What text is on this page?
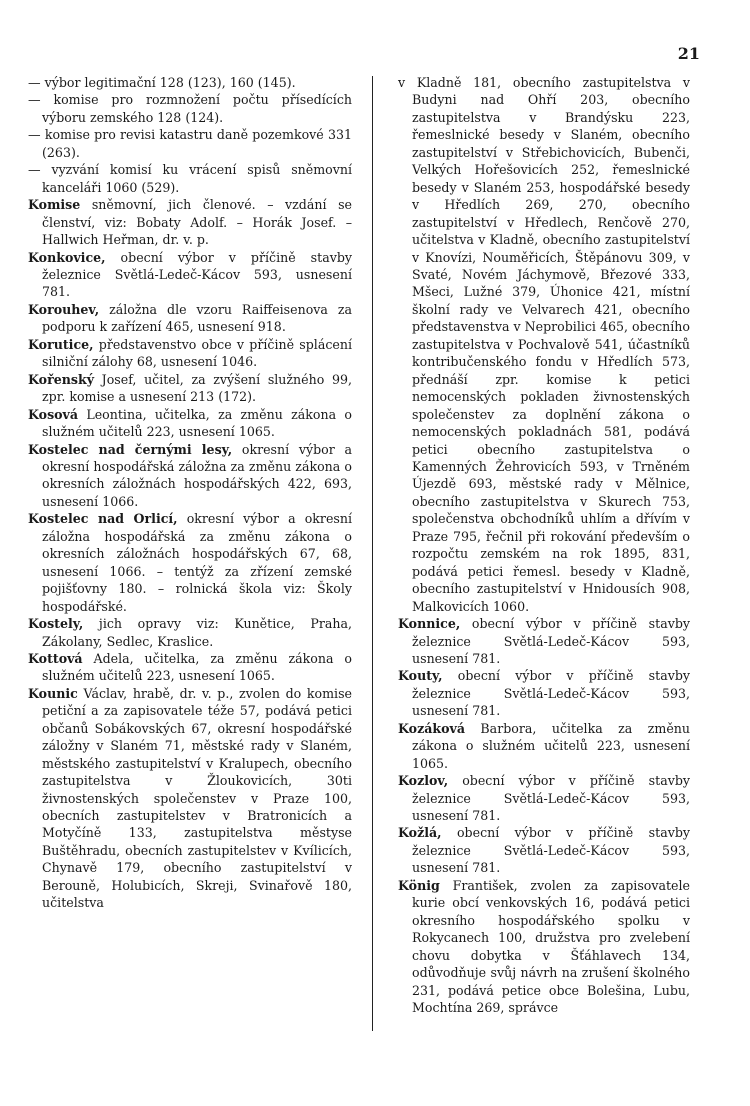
21

— výbor legitimační 128 (123), 160 (145).

— komise pro rozmnožení počtu přísedících výboru zemského 128 (124).

— komise pro revisi katastru daně pozemkové 331 (263).

— vyzvání komisí ku vrácení spisů sněmovní kanceláři 1060 (529).

Komise sněmovní, jich členové. – vzdání se členství, viz: Bobaty Adolf. – Horák Josef. – Hallwich Heřman, dr. v. p.

Konkovice, obecní výbor v příčině stavby železnice Světlá-Ledeč-Kácov 593, usnesení 781.

Korouhev, záložna dle vzoru Raiffeisenova za podporu k zařízení 465, usnesení 918.

Korutice, představenstvo obce v příčině splácení silniční zálohy 68, usnesení 1046.

Kořenský Josef, učitel, za zvýšení služného 99, zpr. komise a usnesení 213 (172).

Kosová Leontina, učitelka, za změnu zákona o služném učitelů 223, usnesení 1065.

Kostelec nad černými lesy, okresní výbor a okresní hospodářská záložna za změnu zákona o okresních záložnách hospodářských 422, 693, usnesení 1066.

Kostelec nad Orlicí, okresní výbor a okresní záložna hospodářská za změnu zákona o okresních záložnách hospodářských 67, 68, usnesení 1066. – tentýž za zřízení zemské pojišťovny 180. – rolnická škola viz: Školy hospodářské.

Kostely, jich opravy viz: Kunětice, Praha, Zákolany, Sedlec, Kraslice.

Kottová Adela, učitelka, za změnu zákona o služném učitelů 223, usnesení 1065.

Kounic Václav, hrabě, dr. v. p., zvolen do komise petiční a za zapisovatele téže 57, podává petici občanů Sobákovských 67, okresní hospodářské záložny v Slaném 71, městské rady v Slaném, městského zastupitelství v Kralupech, obecního zastupitelstva v Žloukovicích, 30ti živnostenských společenstev v Praze 100, obecních zastupitelstev v Bratronicích a Motyčíně 133, zastupitelstva městyse Buštěhradu, obecních zastupitelstev v Kvílicích, Chynavě 179, obecního zastupitelství v Berouně, Holubicích, Skreji, Svinařově 180, učitelstva

v Kladně 181, obecního zastupitelstva v Budyni nad Ohří 203, obecního zastupitelstva v Brandýsku 223, řemeslnické besedy v Slaném, obecního zastupitelství v Střebichovicích, Bubenči, Velkých Hořešovicích 252, řemeslnické besedy v Slaném 253, hospodářské besedy v Hředlích 269, 270, obecního zastupitelství v Hředlech, Renčově 270, učitelstva v Kladně, obecního zastupitelství v Knovízi, Nouměřicích, Štěpánovu 309, v Svaté, Novém Jáchymově, Březové 333, Mšeci, Lužné 379, Úhonice 421, místní školní rady ve Velvarech 421, obecního představenstva v Neprobilici 465, obecního zastupitelstva v Pochvalově 541, účastníků kontribučenského fondu v Hředlích 573, přednáší zpr. komise k petici nemocenských pokladen živnostenských společenstev za doplnění zákona o nemocenských pokladnách 581, podává petici obecního zastupitelstva o Kamenných Žehrovicích 593, v Trněném Újezdě 693, městské rady v Mělnice, obecního zastupitelstva v Skurech 753, společenstva obchodníků uhlím a dřívím v Praze 795, řečnil při rokování především o rozpočtu zemském na rok 1895, 831, podává petici řemesl. besedy v Kladně, obecního zastupitelství v Hnidousích 908, Malkovicích 1060.

Konnice, obecní výbor v příčině stavby železnice Světlá-Ledeč-Kácov 593, usnesení 781.

Kouty, obecní výbor v příčině stavby železnice Světlá-Ledeč-Kácov 593, usnesení 781.

Kozáková Barbora, učitelka za změnu zákona o služném učitelů 223, usnesení 1065.

Kozlov, obecní výbor v příčině stavby železnice Světlá-Ledeč-Kácov 593, usnesení 781.

Kožlá, obecní výbor v příčině stavby železnice Světlá-Ledeč-Kácov 593, usnesení 781.

König František, zvolen za zapisovatele kurie obcí venkovských 16, podává petici okresního hospodářského spolku v Rokycanech 100, družstva pro zvelebení chovu dobytka v Šťáhlavech 134, odůvodňuje svůj návrh na zrušení školného 231, podává petice obce Bolešina, Lubu, Mochtína 269, správce
